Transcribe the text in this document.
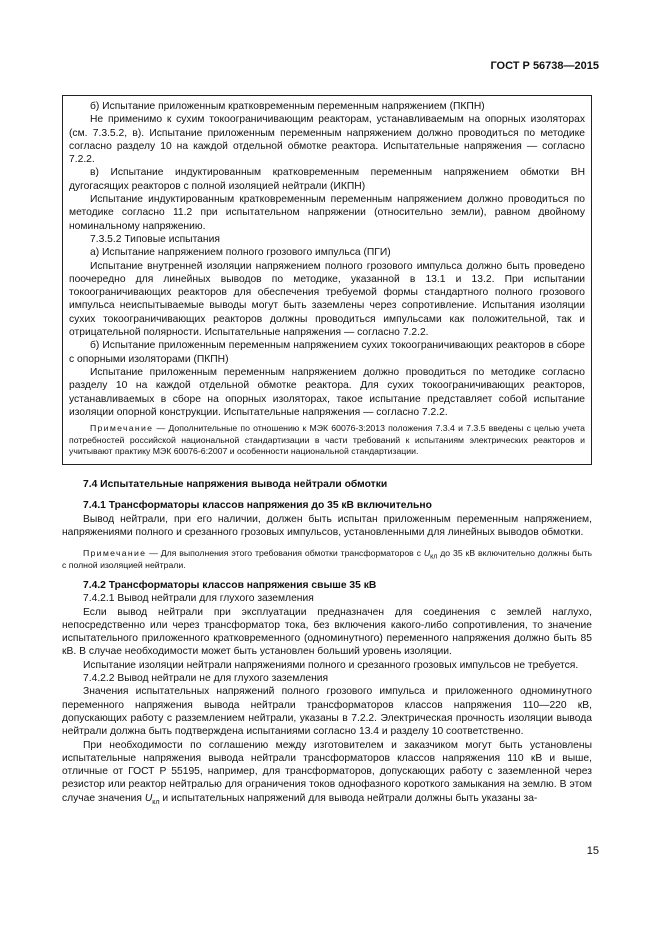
ГОСТ Р 56738—2015

б) Испытание приложенным кратковременным переменным напряжением (ПКПН)

Не применимо к сухим токоограничивающим реакторам, устанавливаемым на опорных изоляторах (см. 7.3.5.2, в). Испытание приложенным переменным напряжением должно проводиться по методике согласно разделу 10 на каждой отдельной обмотке реактора. Испытательные напряжения — согласно 7.2.2.

в) Испытание индуктированным кратковременным переменным напряжением обмотки ВН дугогасящих реакторов с полной изоляцией нейтрали (ИКПН)

Испытание индуктированным кратковременным переменным напряжением должно проводиться по методике согласно 11.2 при испытательном напряжении (относительно земли), равном двойному номинальному напряжению.

7.3.5.2 Типовые испытания

а) Испытание напряжением полного грозового импульса (ПГИ)

Испытание внутренней изоляции напряжением полного грозового импульса должно быть проведено поочередно для линейных выводов по методике, указанной в 13.1 и 13.2. При испытании токоограничивающих реакторов для обеспечения требуемой формы стандартного полного грозового импульса неиспытываемые выводы могут быть заземлены через сопротивление. Испытания изоляции сухих токоограничивающих реакторов должны проводиться импульсами как положительной, так и отрицательной полярности. Испытательные напряжения — согласно 7.2.2.

б) Испытание приложенным переменным напряжением сухих токоограничивающих реакторов в сборе с опорными изоляторами (ПКПН)

Испытание приложенным переменным напряжением должно проводиться по методике согласно разделу 10 на каждой отдельной обмотке реактора. Для сухих токоограничивающих реакторов, устанавливаемых в сборе на опорных изоляторах, такое испытание представляет собой испытание изоляции опорной конструкции. Испытательные напряжения — согласно 7.2.2.

Примечание — Дополнительные по отношению к МЭК 60076-3:2013 положения 7.3.4 и 7.3.5 введены с целью учета потребностей российской национальной стандартизации в части требований к испытаниям электрических реакторов и учитывают практику МЭК 60076-6:2007 и особенности национальной стандартизации.

7.4 Испытательные напряжения вывода нейтрали обмотки

7.4.1 Трансформаторы классов напряжения до 35 кВ включительно

Вывод нейтрали, при его наличии, должен быть испытан приложенным переменным напряжением, напряжениями полного и срезанного грозовых импульсов, установленными для линейных выводов обмотки.

Примечание — Для выполнения этого требования обмотки трансформаторов с $U_{кл}$ до 35 кВ включительно должны быть с полной изоляцией нейтрали.

7.4.2 Трансформаторы классов напряжения свыше 35 кВ

7.4.2.1 Вывод нейтрали для глухого заземления

Если вывод нейтрали при эксплуатации предназначен для соединения с землей наглухо, непосредственно или через трансформатор тока, без включения какого-либо сопротивления, то значение испытательного приложенного кратковременного (одноминутного) переменного напряжения должно быть 85 кВ. В случае необходимости может быть установлен больший уровень изоляции.

Испытание изоляции нейтрали напряжениями полного и срезанного грозовых импульсов не требуется.

7.4.2.2 Вывод нейтрали не для глухого заземления

Значения испытательных напряжений полного грозового импульса и приложенного одноминутного переменного напряжения вывода нейтрали трансформаторов классов напряжения 110—220 кВ, допускающих работу с разземлением нейтрали, указаны в 7.2.2. Электрическая прочность изоляции вывода нейтрали должна быть подтверждена испытаниями согласно 13.4 и разделу 10 соответственно.

При необходимости по соглашению между изготовителем и заказчиком могут быть установлены испытательные напряжения вывода нейтрали трансформаторов классов напряжения 110 кВ и выше, отличные от ГОСТ Р 55195, например, для трансформаторов, допускающих работу с заземленной через резистор или реактор нейтралью для ограничения токов однофазного короткого замыкания на землю. В этом случае значения $U_{кл}$ и испытательных напряжений для вывода нейтрали должны быть указаны за-

15
